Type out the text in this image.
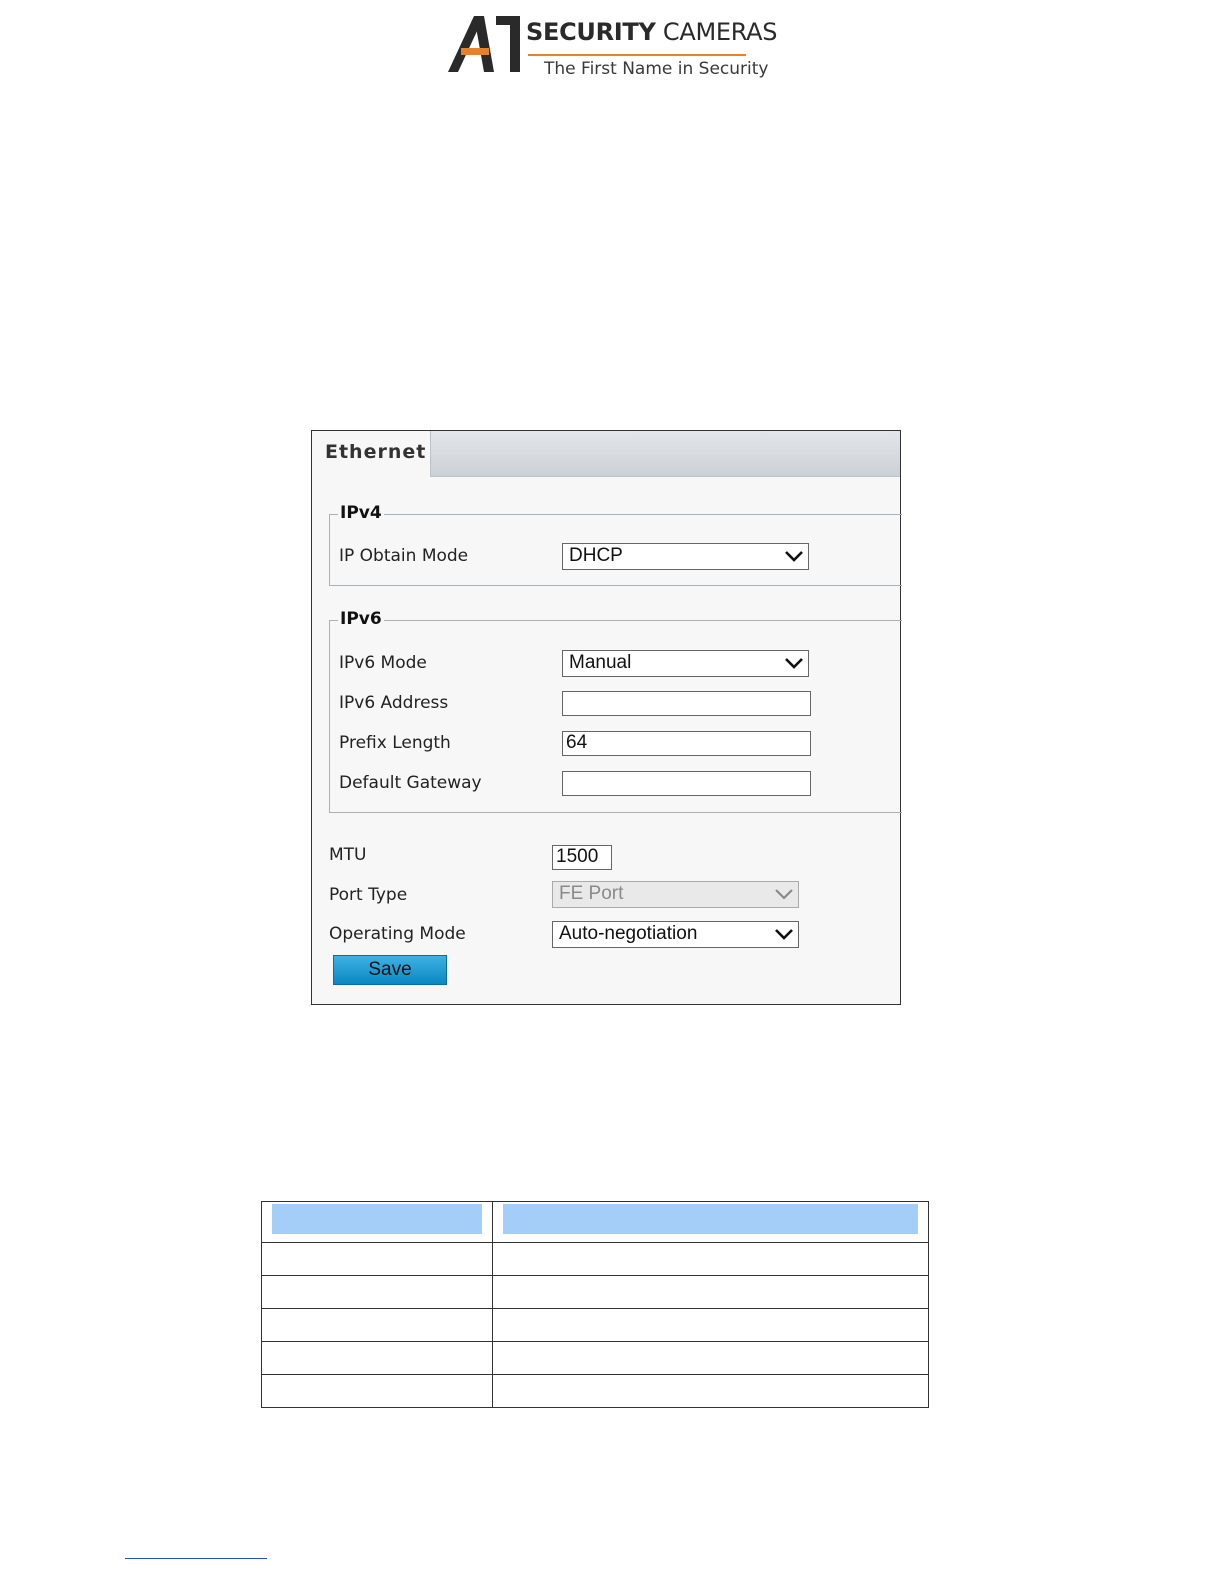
SECURITY CAMERAS
The First Name in Security
Ethernet
IPv4
IP Obtain Mode	DHCP
IPv6
IPv6 Mode	Manual
IPv6 Address
Prefix Length	64
Default Gateway
MTU	1500
Port Type	FE Port
Operating Mode	Auto-negotiation
Save
